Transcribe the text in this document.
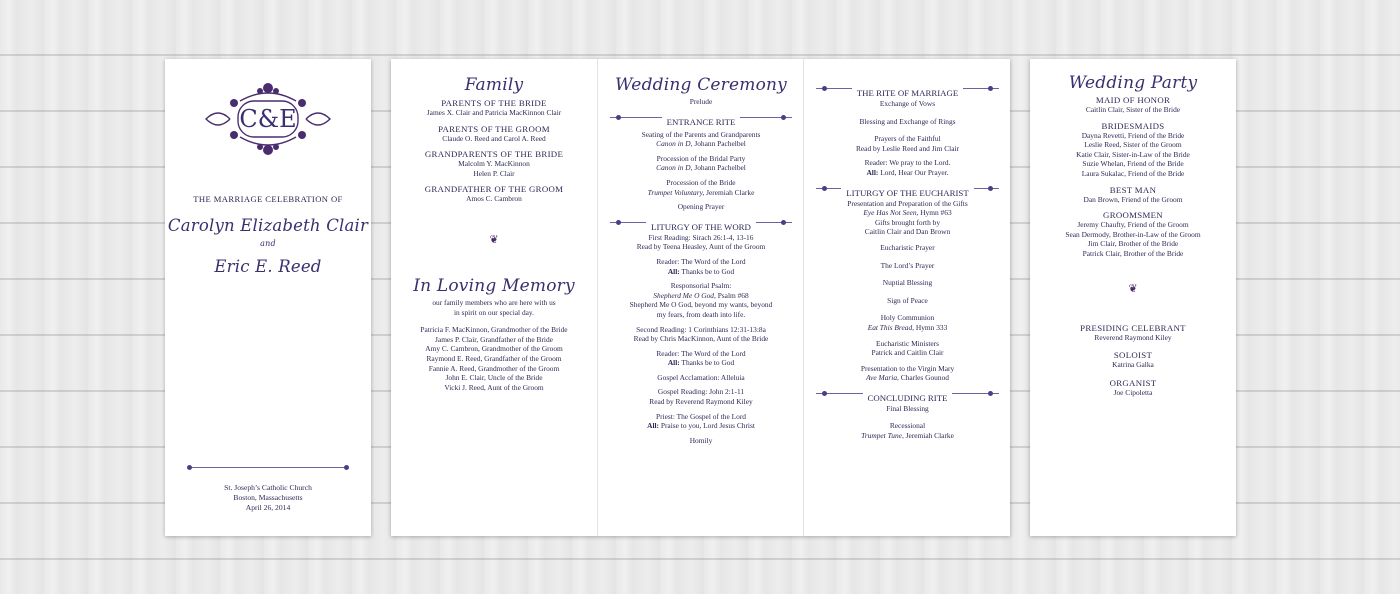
C&E
THE MARRIAGE CELEBRATION OF
Carolyn Elizabeth Clair
and
Eric E. Reed
St. Joseph’s Catholic Church
Boston, Massachusetts
April 26, 2014
Family
PARENTS OF THE BRIDE
James X. Clair and Patricia MacKinnon Clair
PARENTS OF THE GROOM
Claude O. Reed and Carol A. Reed
GRANDPARENTS OF THE BRIDE
Malcolm Y. MacKinnon
Helen P. Clair
GRANDFATHER OF THE GROOM
Amos C. Cambron
❦
In Loving Memory
our family members who are here with us
in spirit on our special day.
Patricia F. MacKinnon, Grandmother of the Bride
James P. Clair, Grandfather of the Bride
Amy C. Cambron, Grandmother of the Groom
Raymond E. Reed, Grandfather of the Groom
Fannie A. Reed, Grandmother of the Groom
John E. Clair, Uncle of the Bride
Vicki J. Reed, Aunt of the Groom
Wedding Ceremony
Prelude
ENTRANCE RITE
Seating of the Parents and Grandparents
Canon in D, Johann Pachelbel
Procession of the Bridal Party
Canon in D, Johann Pachelbel
Procession of the Bride
Trumpet Voluntary, Jeremiah Clarke
Opening Prayer
LITURGY OF THE WORD
First Reading: Sirach 26:1-4, 13-16
Read by Teena Heasley, Aunt of the Groom
Reader: The Word of the Lord
All: Thanks be to God
Responsorial Psalm:
Shepherd Me O God, Psalm #68
Shepherd Me O God, beyond my wants, beyond
my fears, from death into life.
Second Reading: 1 Corinthians 12:31-13:8a
Read by Chris MacKinnon, Aunt of the Bride
Reader: The Word of the Lord
All: Thanks be to God
Gospel Acclamation: Alleluia
Gospel Reading: John 2:1-11
Read by Reverend Raymond Kiley
Priest: The Gospel of the Lord
All: Praise to you, Lord Jesus Christ
Homily
THE RITE OF MARRIAGE
Exchange of Vows
Blessing and Exchange of Rings
Prayers of the Faithful
Read by Leslie Reed and Jim Clair
Reader: We pray to the Lord.
All: Lord, Hear Our Prayer.
LITURGY OF THE EUCHARIST
Presentation and Preparation of the Gifts
Eye Has Not Seen, Hymn #63
Gifts brought forth by
Caitlin Clair and Dan Brown
Eucharistic Prayer
The Lord’s Prayer
Nuptial Blessing
Sign of Peace
Holy Communion
Eat This Bread, Hymn 333
Eucharistic Ministers
Patrick and Caitlin Clair
Presentation to the Virgin Mary
Ave Maria, Charles Gounod
CONCLUDING RITE
Final Blessing
Recessional
Trumpet Tune, Jeremiah Clarke
Wedding Party
MAID OF HONOR
Caitlin Clair, Sister of the Bride
BRIDESMAIDS
Dayna Revetti, Friend of the Bride
Leslie Reed, Sister of the Groom
Katie Clair, Sister-in-Law of the Bride
Suzie Whelan, Friend of the Bride
Laura Sukalac, Friend of the Bride
BEST MAN
Dan Brown, Friend of the Groom
GROOMSMEN
Jeremy Chaufty, Friend of the Groom
Sean Dermody, Brother-in-Law of the Groom
Jim Clair, Brother of the Bride
Patrick Clair, Brother of the Bride
❦
PRESIDING CELEBRANT
Reverend Raymond Kiley
SOLOIST
Katrina Galka
ORGANIST
Joe Cipoletta
